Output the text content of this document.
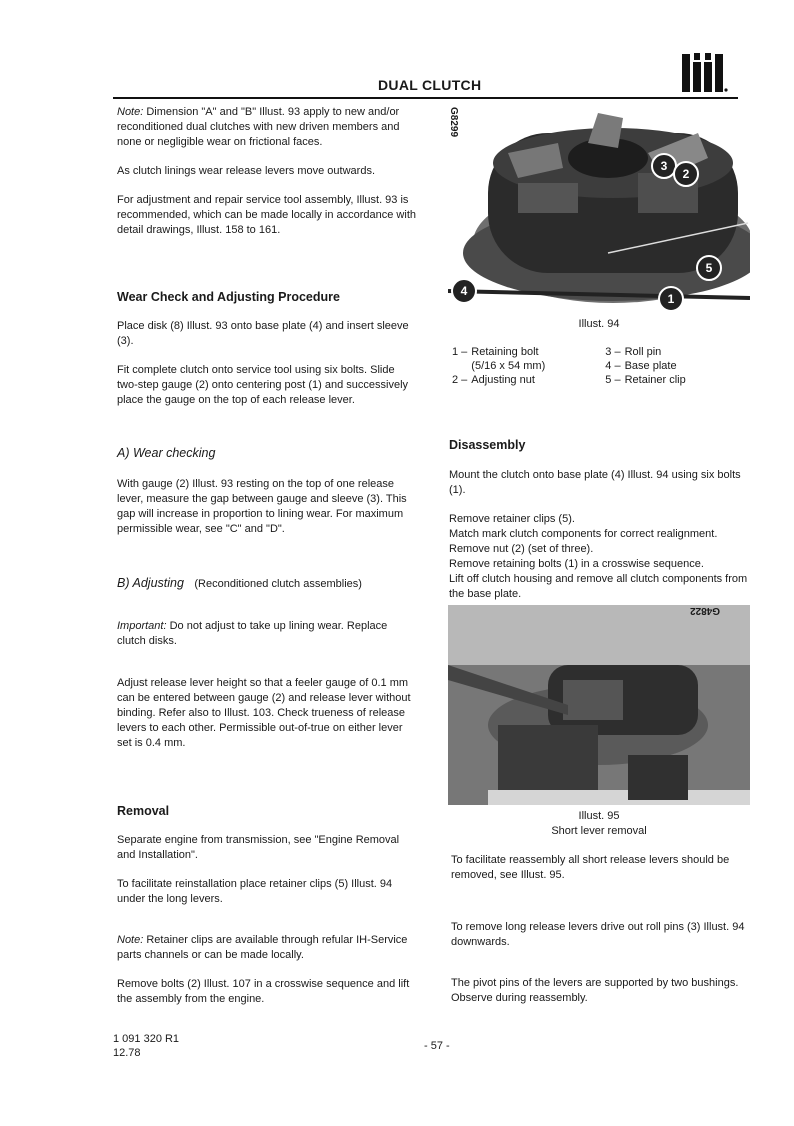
DUAL CLUTCH

Note: Dimension "A" and "B" Illust. 93 apply to new and/or reconditioned dual clutches with new driven members and none or negligible wear on frictional faces.

As clutch linings wear release levers move outwards.

For adjustment and repair service tool assembly, Illust. 93 is recommended, which can be made locally in accordance with detail drawings, Illust. 158 to 161.

Wear Check and Adjusting Procedure

Place disk (8) Illust. 93 onto base plate (4) and insert sleeve (3).

Fit complete clutch onto service tool using six bolts. Slide two-step gauge (2) onto centering post (1) and successively place the gauge on the top of each release lever.

A) Wear checking

With gauge (2) Illust. 93 resting on the top of one release lever, measure the gap between gauge and sleeve (3). This gap will increase in proportion to lining wear. For maximum permissible wear, see "C" and "D".

B) Adjusting (Reconditioned clutch assemblies)

Important: Do not adjust to take up lining wear. Replace clutch disks.

Adjust release lever height so that a feeler gauge of 0.1 mm can be entered between gauge (2) and release lever without binding. Refer also to Illust. 103. Check trueness of release levers to each other. Permissible out-of-true on either lever set is 0.4 mm.

Removal

Separate engine from transmission, see "Engine Removal and Installation".

To facilitate reinstallation place retainer clips (5) Illust. 94 under the long levers.

Note: Retainer clips are available through refular IH-Service parts channels or can be made locally.

Remove bolts (2) Illust. 107 in a crosswise sequence and lift the assembly from the engine.

3
2
5
1
4
G8299
Illust. 94
1 –	Retaining bolt	3 –	Roll pin
	(5/16 x 54 mm)	4 –	Base plate
2 –	Adjusting nut	5 –	Retainer clip
Disassembly

Mount the clutch onto base plate (4) Illust. 94 using six bolts (1).

Remove retainer clips (5).

Match mark clutch components for correct realignment.

Remove nut (2) (set of three).

Remove retaining bolts (1) in a crosswise sequence.

Lift off clutch housing and remove all clutch components from the base plate.

G4822
Illust. 95
Short lever removal

To facilitate reassembly all short release levers should be removed, see Illust. 95.

To remove long release levers drive out roll pins (3) Illust. 94 downwards.

The pivot pins of the levers are supported by two bushings. Observe during reassembly.

1 091 320 R1
12.78
- 57 -
